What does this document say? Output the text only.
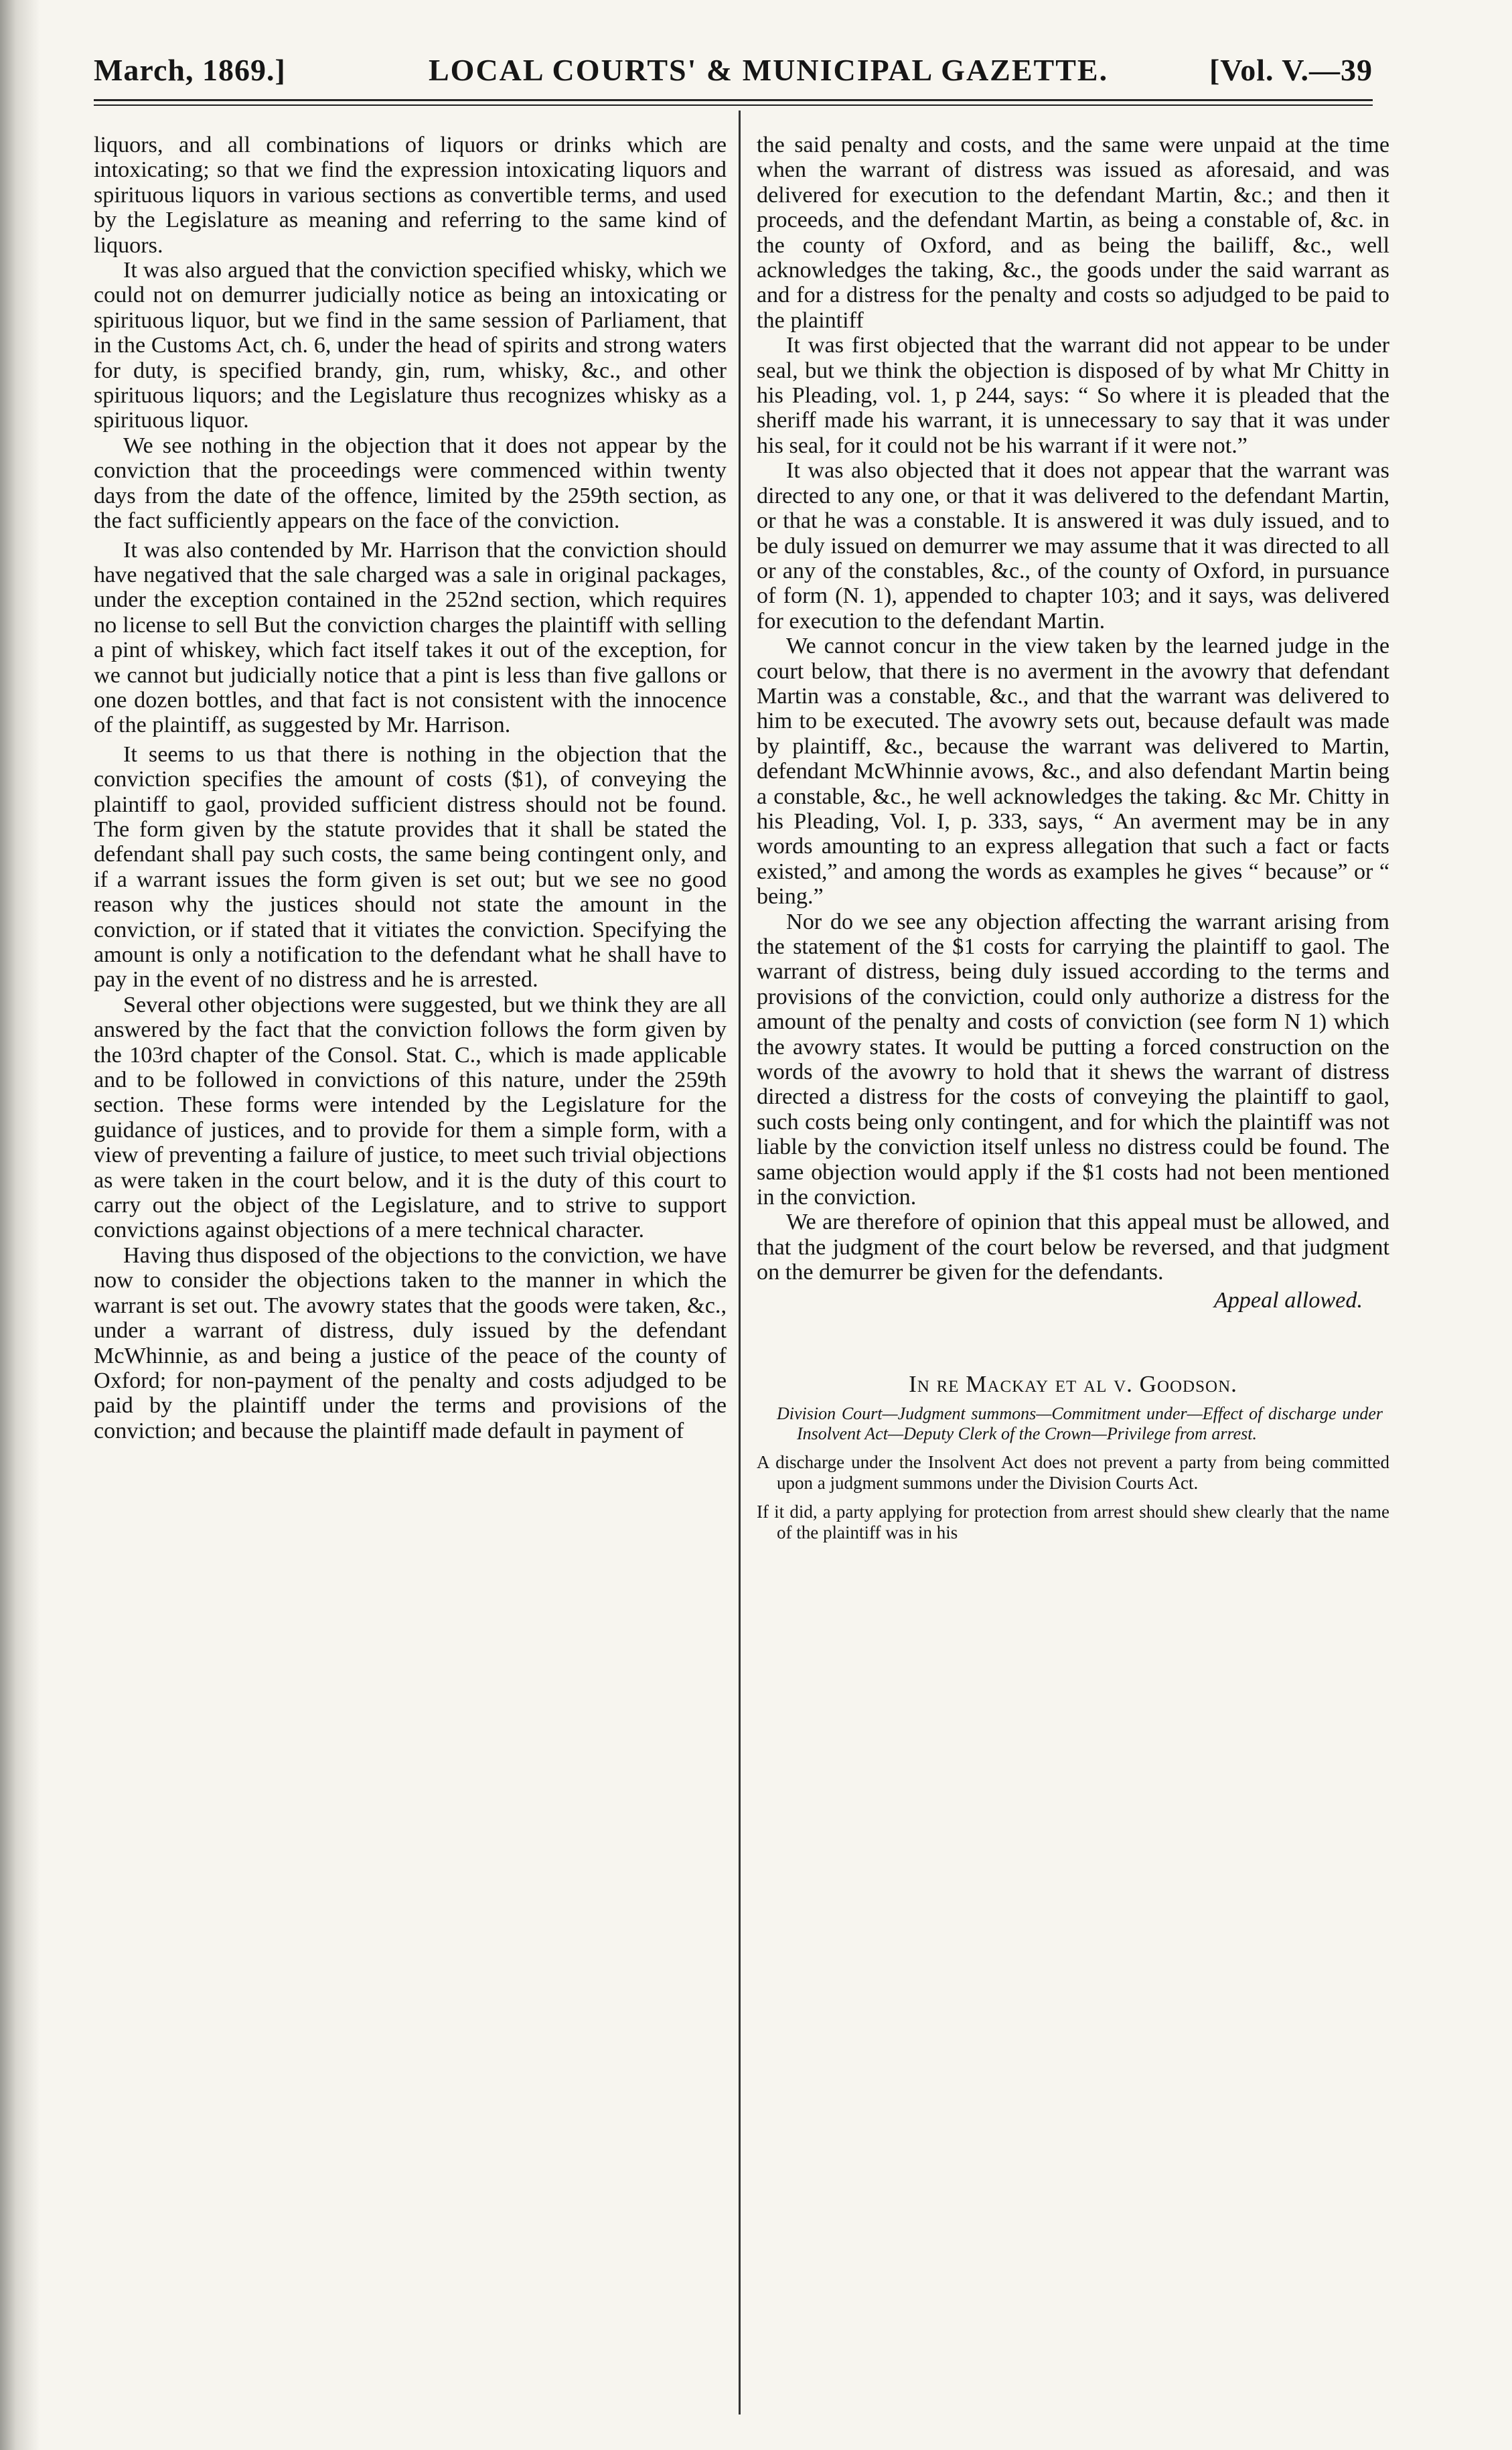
March, 1869.]	LOCAL COURTS' & MUNICIPAL GAZETTE.	[Vol. V.—39

liquors, and all combinations of liquors or drinks which are intoxicating; so that we find the expression intoxicating liquors and spirituous liquors in various sections as convertible terms, and used by the Legislature as meaning and referring to the same kind of liquors.

It was also argued that the conviction specified whisky, which we could not on demurrer judicially notice as being an intoxicating or spirituous liquor, but we find in the same session of Parliament, that in the Customs Act, ch. 6, under the head of spirits and strong waters for duty, is specified brandy, gin, rum, whisky, &c., and other spirituous liquors; and the Legislature thus recognizes whisky as a spirituous liquor.

We see nothing in the objection that it does not appear by the conviction that the proceedings were commenced within twenty days from the date of the offence, limited by the 259th section, as the fact sufficiently appears on the face of the conviction.

It was also contended by Mr. Harrison that the conviction should have negatived that the sale charged was a sale in original packages, under the exception contained in the 252nd section, which requires no license to sell But the conviction charges the plaintiff with selling a pint of whiskey, which fact itself takes it out of the exception, for we cannot but judicially notice that a pint is less than five gallons or one dozen bottles, and that fact is not consistent with the innocence of the plaintiff, as suggested by Mr. Harrison.

It seems to us that there is nothing in the objection that the conviction specifies the amount of costs ($1), of conveying the plaintiff to gaol, provided sufficient distress should not be found. The form given by the statute provides that it shall be stated the defendant shall pay such costs, the same being contingent only, and if a warrant issues the form given is set out; but we see no good reason why the justices should not state the amount in the conviction, or if stated that it vitiates the conviction. Specifying the amount is only a notification to the defendant what he shall have to pay in the event of no distress and he is arrested.

Several other objections were suggested, but we think they are all answered by the fact that the conviction follows the form given by the 103rd chapter of the Consol. Stat. C., which is made applicable and to be followed in convictions of this nature, under the 259th section. These forms were intended by the Legislature for the guidance of justices, and to provide for them a simple form, with a view of preventing a failure of justice, to meet such trivial objections as were taken in the court below, and it is the duty of this court to carry out the object of the Legislature, and to strive to support convictions against objections of a mere technical character.

Having thus disposed of the objections to the conviction, we have now to consider the objections taken to the manner in which the warrant is set out. The avowry states that the goods were taken, &c., under a warrant of distress, duly issued by the defendant McWhinnie, as and being a justice of the peace of the county of Oxford; for non-payment of the penalty and costs adjudged to be paid by the plaintiff under the terms and provisions of the conviction; and because the plaintiff made default in payment of

the said penalty and costs, and the same were unpaid at the time when the warrant of distress was issued as aforesaid, and was delivered for execution to the defendant Martin, &c.; and then it proceeds, and the defendant Martin, as being a constable of, &c. in the county of Oxford, and as being the bailiff, &c., well acknowledges the taking, &c., the goods under the said warrant as and for a distress for the penalty and costs so adjudged to be paid to the plaintiff

It was first objected that the warrant did not appear to be under seal, but we think the objection is disposed of by what Mr Chitty in his Pleading, vol. 1, p 244, says: “ So where it is pleaded that the sheriff made his warrant, it is unnecessary to say that it was under his seal, for it could not be his warrant if it were not.”

It was also objected that it does not appear that the warrant was directed to any one, or that it was delivered to the defendant Martin, or that he was a constable. It is answered it was duly issued, and to be duly issued on demurrer we may assume that it was directed to all or any of the constables, &c., of the county of Oxford, in pursuance of form (N. 1), appended to chapter 103; and it says, was delivered for execution to the defendant Martin.

We cannot concur in the view taken by the learned judge in the court below, that there is no averment in the avowry that defendant Martin was a constable, &c., and that the warrant was delivered to him to be executed. The avowry sets out, because default was made by plaintiff, &c., because the warrant was delivered to Martin, defendant McWhinnie avows, &c., and also defendant Martin being a constable, &c., he well acknowledges the taking. &c Mr. Chitty in his Pleading, Vol. I, p. 333, says, “ An averment may be in any words amounting to an express allegation that such a fact or facts existed,” and among the words as examples he gives “ because” or “ being.”

Nor do we see any objection affecting the warrant arising from the statement of the $1 costs for carrying the plaintiff to gaol. The warrant of distress, being duly issued according to the terms and provisions of the conviction, could only authorize a distress for the amount of the penalty and costs of conviction (see form N 1) which the avowry states. It would be putting a forced construction on the words of the avowry to hold that it shews the warrant of distress directed a distress for the costs of conveying the plaintiff to gaol, such costs being only contingent, and for which the plaintiff was not liable by the conviction itself unless no distress could be found. The same objection would apply if the $1 costs had not been mentioned in the conviction.

We are therefore of opinion that this appeal must be allowed, and that the judgment of the court below be reversed, and that judgment on the demurrer be given for the defendants.

Appeal allowed.
In re Mackay et al v. Goodson.
Division Court—Judgment summons—Commitment under—Effect of discharge under Insolvent Act—Deputy Clerk of the Crown—Privilege from arrest.
A discharge under the Insolvent Act does not prevent a party from being committed upon a judgment summons under the Division Courts Act.
If it did, a party applying for protection from arrest should shew clearly that the name of the plaintiff was in his
